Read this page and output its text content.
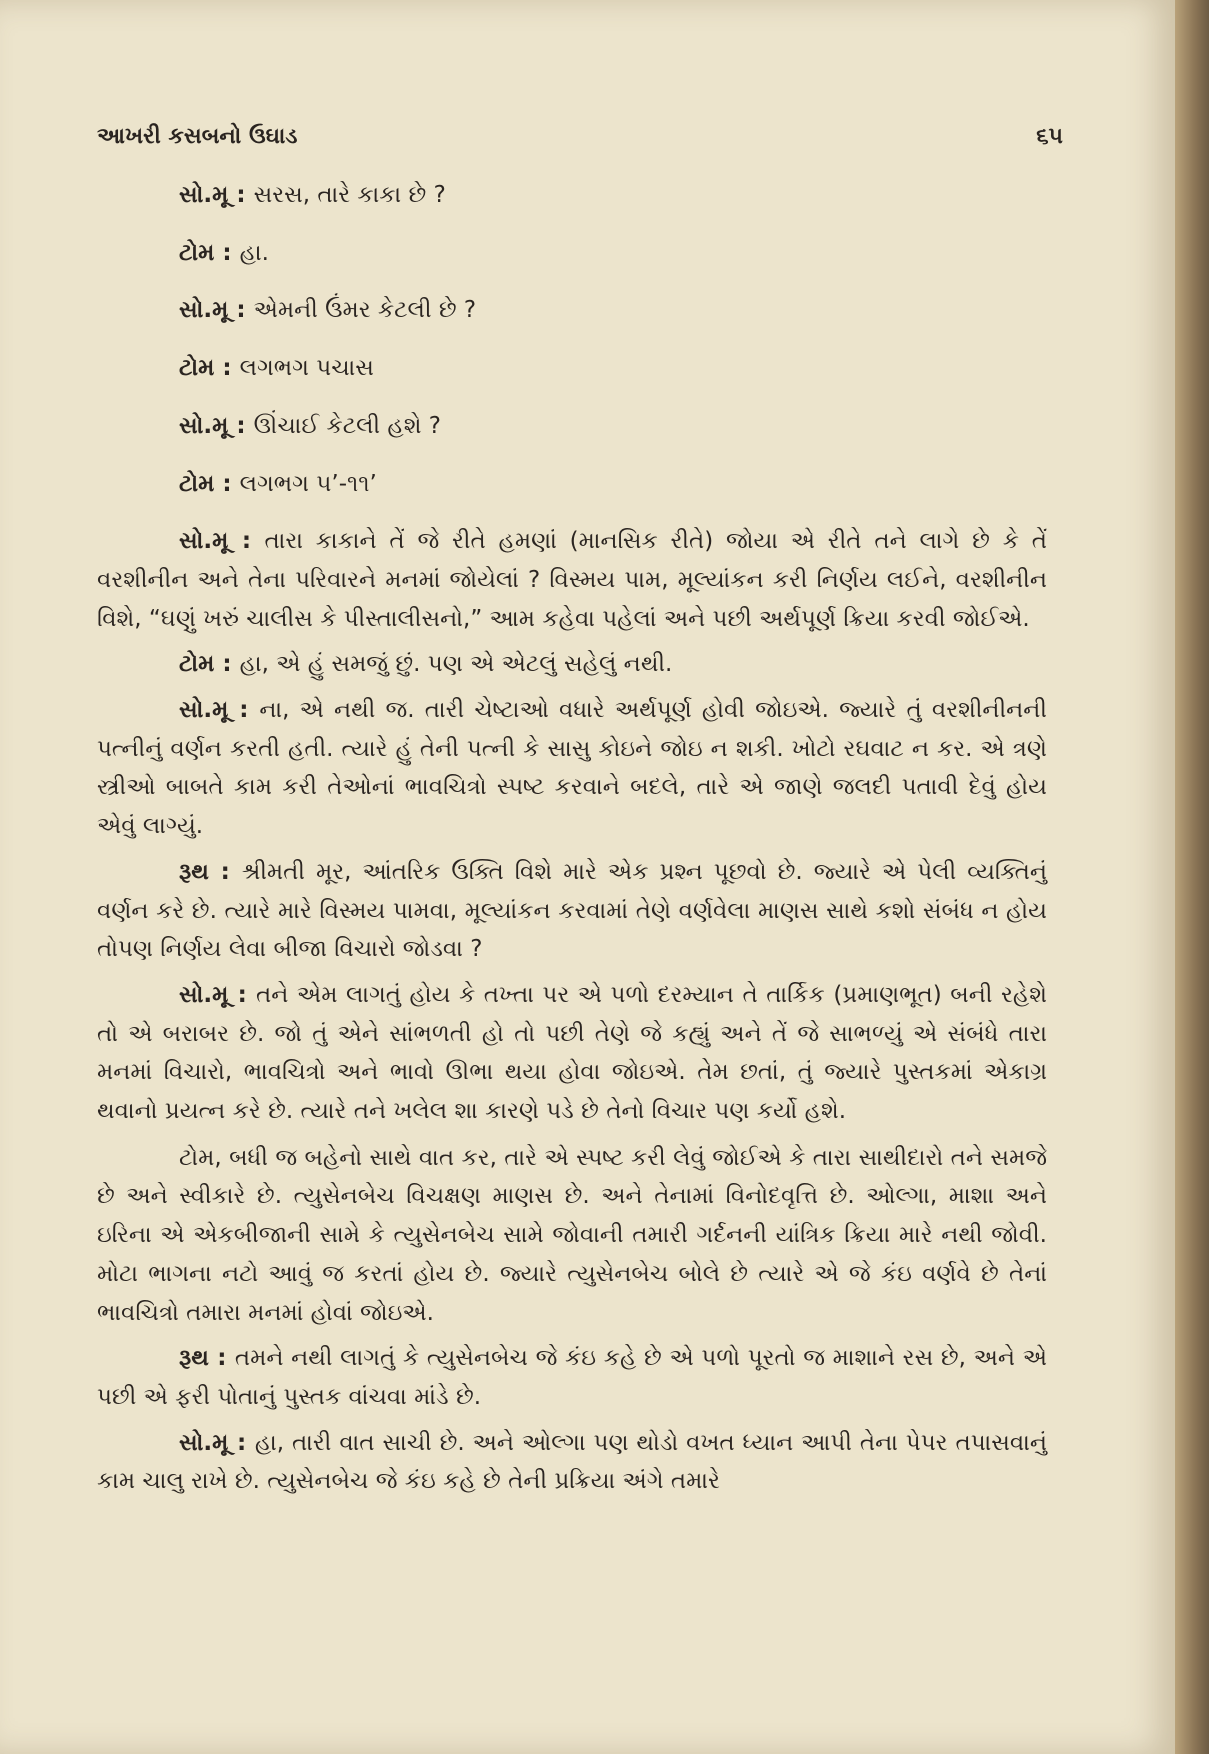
આખરી કસબનો ઉઘાડ	૬૫

સો.મૂ : સરસ, તારે કાકા છે ?

ટોમ : હા.

સો.મૂ : એમની ઉંમર કેટલી છે ?

ટોમ : લગભગ પચાસ

સો.મૂ : ઊંચાઈ કેટલી હશે ?

ટોમ : લગભગ ૫’-૧૧’

સો.મૂ : તારા કાકાને તેં જે રીતે હમણાં (માનસિક રીતે) જોયા એ રીતે તને લાગે છે કે તેં વરશીનીન અને તેના પરિવારને મનમાં જોયેલાં ? વિસ્મય પામ, મૂલ્યાંકન કરી નિર્ણય લઈને, વરશીનીન વિશે, “ઘણું ખરું ચાલીસ કે પીસ્તાલીસનો,” આમ કહેવા પહેલાં અને પછી અર્થપૂર્ણ ક્રિયા કરવી જોઈએ.

ટોમ : હા, એ હું સમજું છું. પણ એ એટલું સહેલું નથી.

સો.મૂ : ના, એ નથી જ. તારી ચેષ્ટાઓ વધારે અર્થપૂર્ણ હોવી જોઇએ. જ્યારે તું વરશીનીનની પત્નીનું વર્ણન કરતી હતી. ત્યારે હું તેની પત્ની કે સાસુ કોઇને જોઇ ન શકી. ખોટો રઘવાટ ન કર. એ ત્રણે સ્ત્રીઓ બાબતે કામ કરી તેઓનાં ભાવચિત્રો સ્પષ્ટ કરવાને બદલે, તારે એ જાણે જલદી પતાવી દેવું હોય એવું લાગ્યું.

રૂથ : શ્રીમતી મૂર, આંતરિક ઉક્તિ વિશે મારે એક પ્રશ્ન પૂછવો છે. જ્યારે એ પેલી વ્યક્તિનું વર્ણન કરે છે. ત્યારે મારે વિસ્મય પામવા, મૂલ્યાંકન કરવામાં તેણે વર્ણવેલા માણસ સાથે કશો સંબંધ ન હોય તોપણ નિર્ણય લેવા બીજા વિચારો જોડવા ?

સો.મૂ : તને એમ લાગતું હોય કે તખ્તા પર એ પળો દરમ્યાન તે તાર્કિક (પ્રમાણભૂત) બની રહેશે તો એ બરાબર છે. જો તું એને સાંભળતી હો તો પછી તેણે જે કહ્યું અને તેં જે સાભળ્યું એ સંબંધે તારા મનમાં વિચારો, ભાવચિત્રો અને ભાવો ઊભા થયા હોવા જોઇએ. તેમ છતાં, તું જ્યારે પુસ્તકમાં એકાગ્ર થવાનો પ્રયત્ન કરે છે. ત્યારે તને ખલેલ શા કારણે પડે છે તેનો વિચાર પણ કર્યો હશે.

ટોમ, બધી જ બહેનો સાથે વાત કર, તારે એ સ્પષ્ટ કરી લેવું જોઈએ કે તારા સાથીદારો તને સમજે છે અને સ્વીકારે છે. ત્યુસેનબેચ વિચક્ષણ માણસ છે. અને તેનામાં વિનોદવૃત્તિ છે. ઓલ્ગા, માશા અને ઇરિના એ એકબીજાની સામે કે ત્યુસેનબેચ સામે જોવાની તમારી ગર્દનની યાંત્રિક ક્રિયા મારે નથી જોવી. મોટા ભાગના નટો આવું જ કરતાં હોય છે. જ્યારે ત્યુસેનબેચ બોલે છે ત્યારે એ જે કંઇ વર્ણવે છે તેનાં ભાવચિત્રો તમારા મનમાં હોવાં જોઇએ.

રૂથ : તમને નથી લાગતું કે ત્યુસેનબેચ જે કંઇ કહે છે એ પળો પૂરતો જ માશાને રસ છે, અને એ પછી એ ફરી પોતાનું પુસ્તક વાંચવા માંડે છે.

સો.મૂ : હા, તારી વાત સાચી છે. અને ઓલ્ગા પણ થોડો વખત ધ્યાન આપી તેના પેપર તપાસવાનું કામ ચાલુ રાખે છે. ત્યુસેનબેચ જે કંઇ કહે છે તેની પ્રક્રિયા અંગે તમારે
